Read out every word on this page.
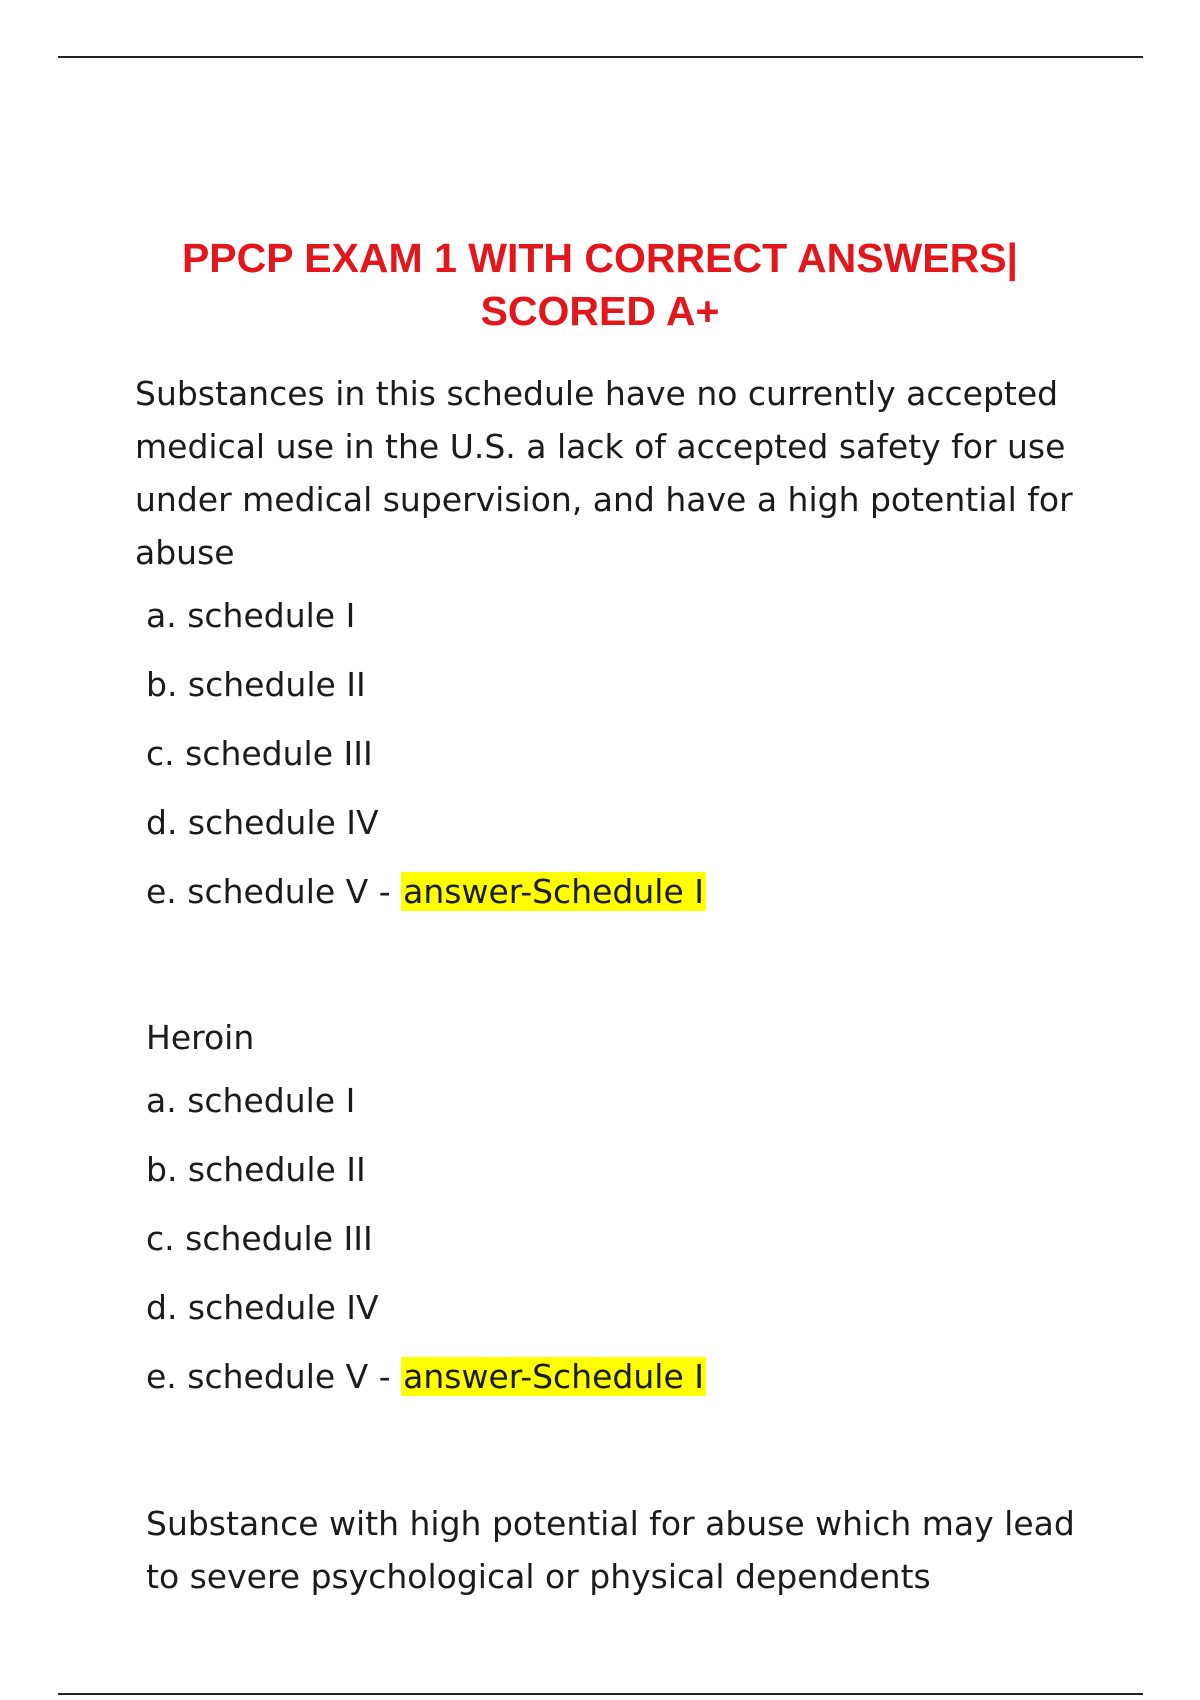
PPCP EXAM 1 WITH CORRECT ANSWERS|
SCORED A+
Substances in this schedule have no currently accepted medical use in the U.S. a lack of accepted safety for use under medical supervision, and have a high potential for abuse
a. schedule I
b. schedule II
c. schedule III
d. schedule IV
e. schedule V - answer-Schedule I
Heroin
a. schedule I
b. schedule II
c. schedule III
d. schedule IV
e. schedule V - answer-Schedule I
Substance with high potential for abuse which may lead to severe psychological or physical dependents
